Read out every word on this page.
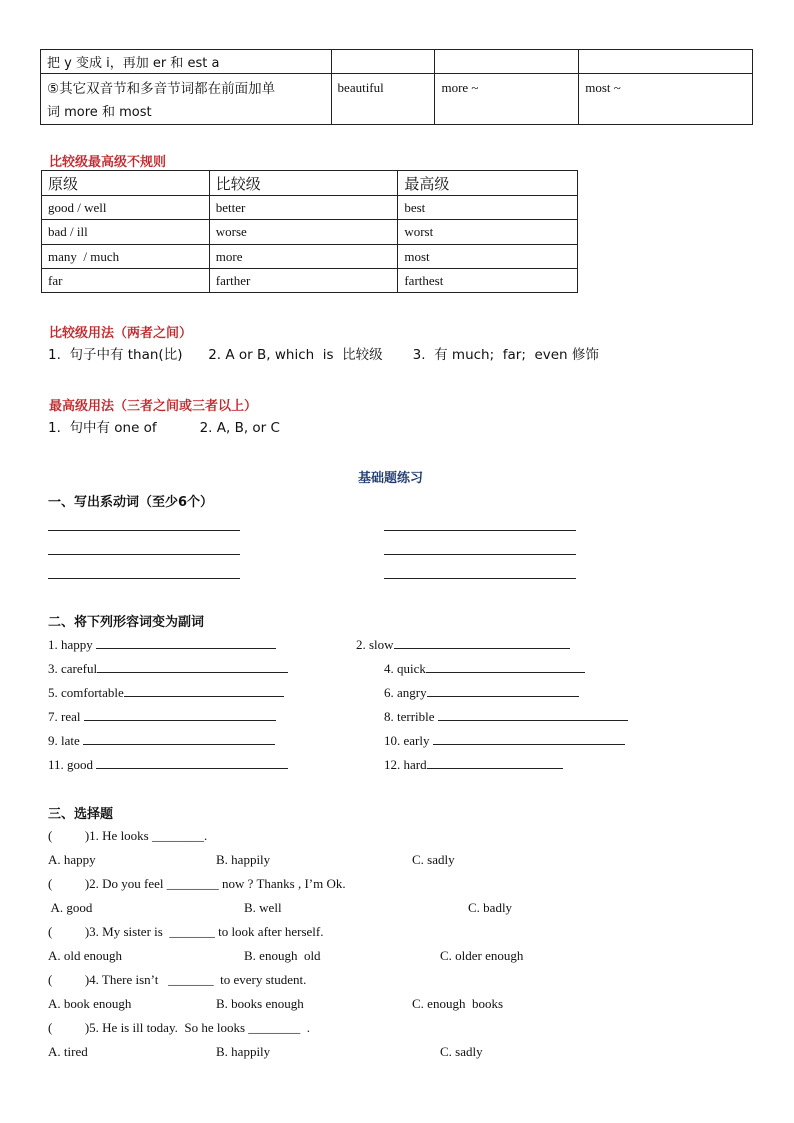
把 y 变成 i，再加 er 和 est a			

⑤其它双音节和多音节词都在前面加单
词 more 和 most	beautiful	more ~	most ~
比较级最高级不规则
原级	比较级	最高级
good / well	better	best
bad / ill	worse	worst
many  / much	more	most
far	farther	farthest
比较级用法（两者之间）
1.  句子中有 than(比)      2. A or B, which  is  比较级       3.  有 much;  far;  even 修饰
最高级用法（三者之间或三者以上）
1.  句中有 one of          2. A, B, or C
基础题练习
一、写出系动词（至少6个）
二、将下列形容词变为副词
1. happy	2. slow
3. careful	4. quick
5. comfortable	6. angry
7. real	8. terrible
9. late	10. early
11. good	12. hard
三、选择题
(          )1. He looks ________.
A. happy	B. happily	C. sadly
(          )2. Do you feel ________ now ? Thanks , I’m Ok.
A. good	B. well	C. badly
(          )3. My sister is  _______ to look after herself.
A. old enough	B. enough  old	C. older enough
(          )4. There isn’t   _______  to every student.
A. book enough	B. books enough	C. enough  books
(          )5. He is ill today.  So he looks ________  .
A. tired	B. happily	C. sadly
